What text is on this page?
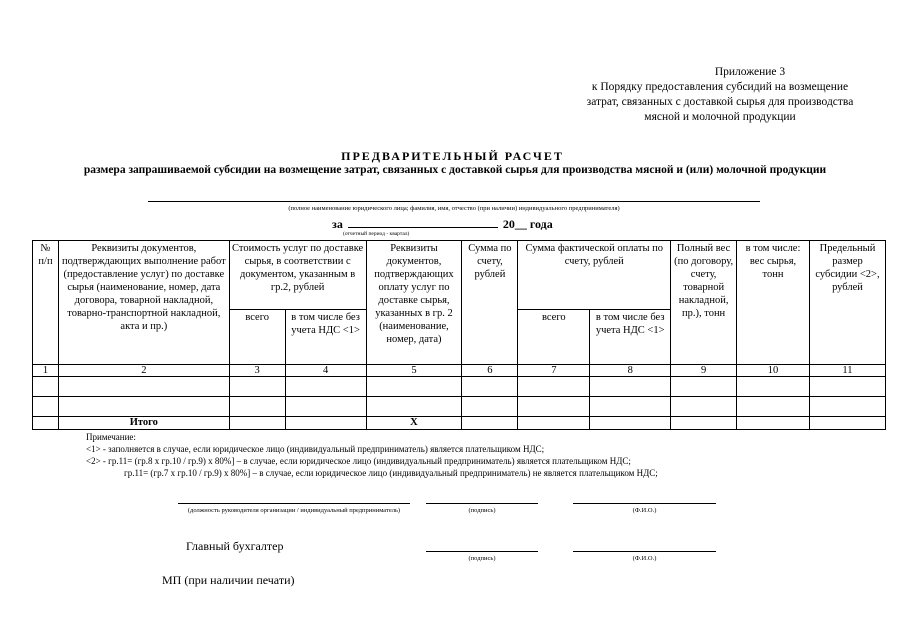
Приложение 3
к Порядку предоставления субсидий на возмещение
затрат, связанных с доставкой сырья для производства
мясной и молочной продукции
ПРЕДВАРИТЕЛЬНЫЙ РАСЧЕТ
размера запрашиваемой субсидии на возмещение затрат, связанных с доставкой сырья для производства мясной и (или) молочной продукции
(полное наименование юридического лица; фамилия, имя, отчество (при наличии) индивидуального предпринимателя)
за	20__ года
(отчетный период - квартал)
№ п/п	Реквизиты документов, подтверждающих выполнение работ (предоставление услуг) по доставке сырья (наименование, номер, дата договора, товарной накладной, товарно-транспортной накладной, акта и пр.)	Стоимость услуг по доставке сырья, в соответствии с документом, указанным в гр.2, рублей		Реквизиты документов, подтверждающих оплату услуг по доставке сырья, указанных в гр. 2 (наименование, номер, дата)	Сумма по счету, рублей	Сумма фактической оплаты по счету, рублей		Полный вес (по договору, счету, товарной накладной, пр.), тонн	в том числе: вес сырья, тонн	Предельный размер субсидии <2>, рублей
		всего	в том числе без учета НДС <1>			всего	в том числе без учета НДС <1>			
1	2	3	4	5	6	7	8	9	10	11

	Итого			Х						
Примечание:
<1> - заполняется в случае, если юридическое лицо (индивидуальный предприниматель) является плательщиком НДС;
<2> - гр.11= (гр.8 х гр.10 / гр.9) х 80%] – в случае, если юридическое лицо (индивидуальный предприниматель) является плательщиком НДС;
гр.11= (гр.7 х гр.10 / гр.9) х 80%] – в случае, если юридическое лицо (индивидуальный предприниматель) не является плательщиком НДС;
(должность руководителя организации / индивидуальный предприниматель)	(подпись)	(Ф.И.О.)
Главный бухгалтер
(подпись)	(Ф.И.О.)
МП (при наличии печати)
